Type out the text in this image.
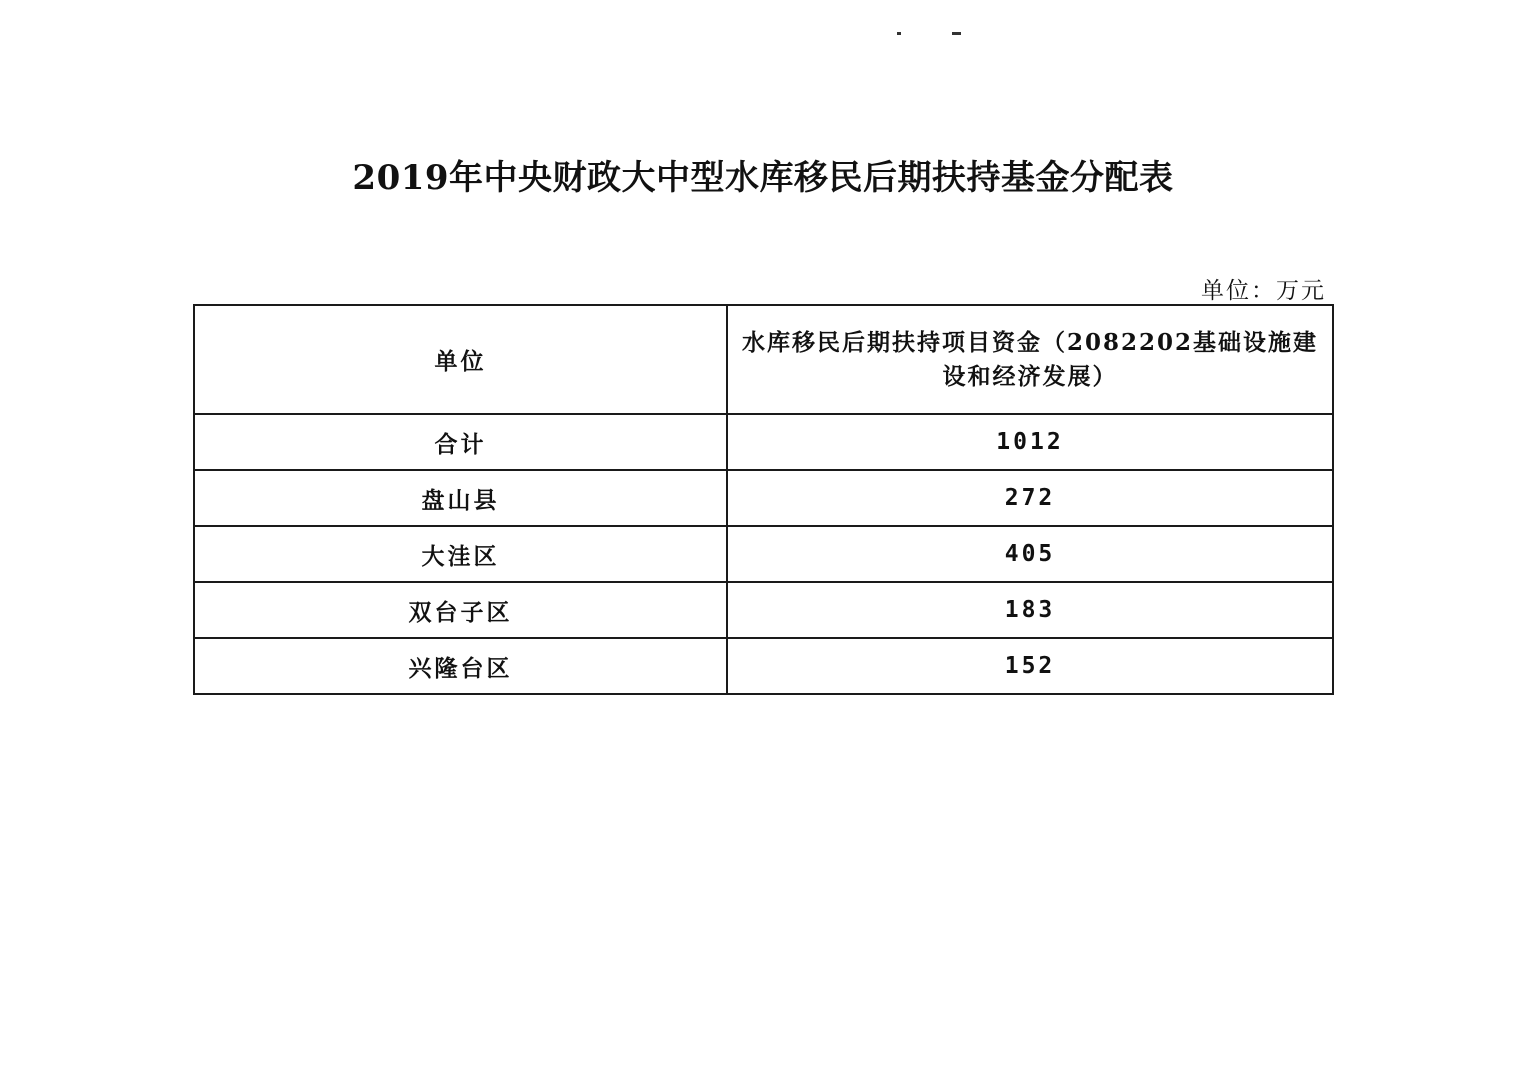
2019年中央财政大中型水库移民后期扶持基金分配表
单位：万元
单位	水库移民后期扶持项目资金（2082202基础设施建设和经济发展）
合计	1012
盘山县	272
大洼区	405
双台子区	183
兴隆台区	152
